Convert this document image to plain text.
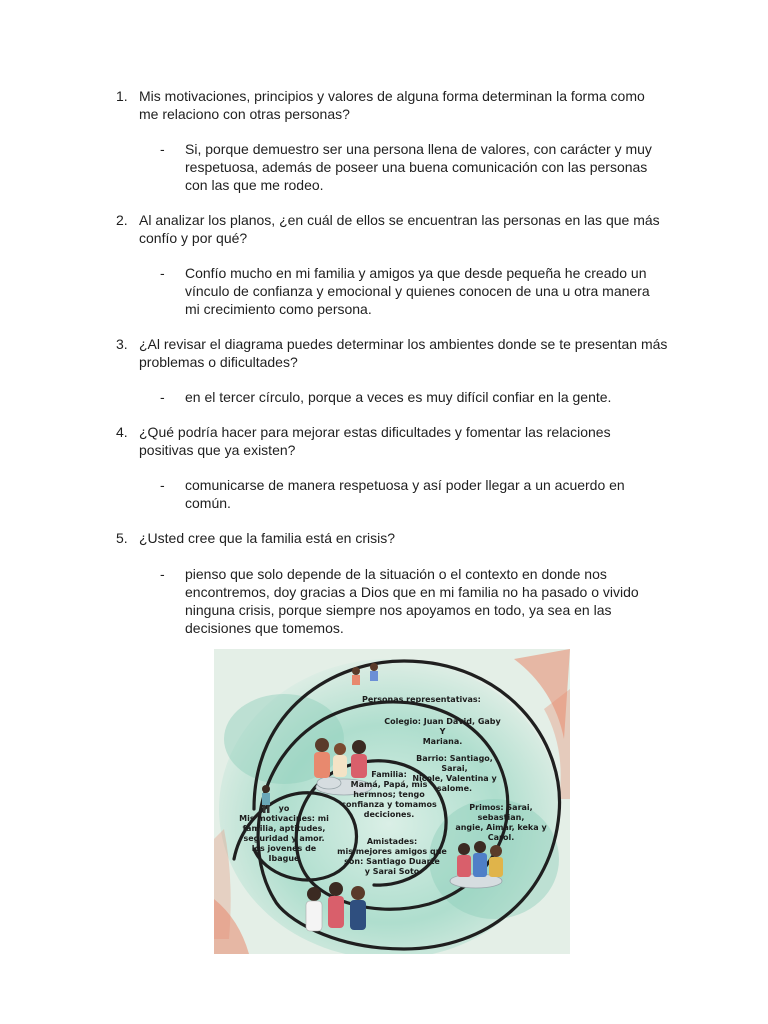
1. Mis motivaciones, principios y valores de alguna forma determinan la forma como
me relaciono con otras personas?
- Si, porque demuestro ser una persona llena de valores, con carácter y muy
respetuosa, además de poseer una buena comunicación con las personas
con las que me rodeo.
2. Al analizar los planos, ¿en cuál de ellos se encuentran las personas en las que más
confío y por qué?
- Confío mucho en mi familia y amigos ya que desde pequeña he creado un
vínculo de confianza y emocional y quienes conocen de una u otra manera
mi crecimiento como persona.
3. ¿Al revisar el diagrama puedes determinar los ambientes donde se te presentan más
problemas o dificultades?
- en el tercer círculo, porque a veces es muy difícil confiar en la gente.
4. ¿Qué podría hacer para mejorar estas dificultades y fomentar las relaciones
positivas que ya existen?
- comunicarse de manera respetuosa y así poder llegar a un acuerdo en
común.
5. ¿Usted cree que la familia está en crisis?
- pienso que solo depende de la situación o el contexto en donde nos
encontremos, doy gracias a Dios que en mi familia no ha pasado o vivido
ninguna crisis, porque siempre nos apoyamos en todo, ya sea en las
decisiones que tomemos.
Personas representativas:
Colegio: Juan David, Gaby Y
Mariana.
Barrio: Santiago, Sarai,
Nicole, Valentina y
salome.
Familia:
Mamá, Papá, mis
hermnos; tengo
confianza y tomamos
deciciones.
Primos: Sarai, sebastian,
angie, Aimar, keka y
Carol.
yo
Mis motivacines: mi
familia, aptitudes,
seguridad y amor.
los jovenes de
Ibague
Amistades:
mis mejores amigos que
son: Santiago Duarte
y Sarai Soto
